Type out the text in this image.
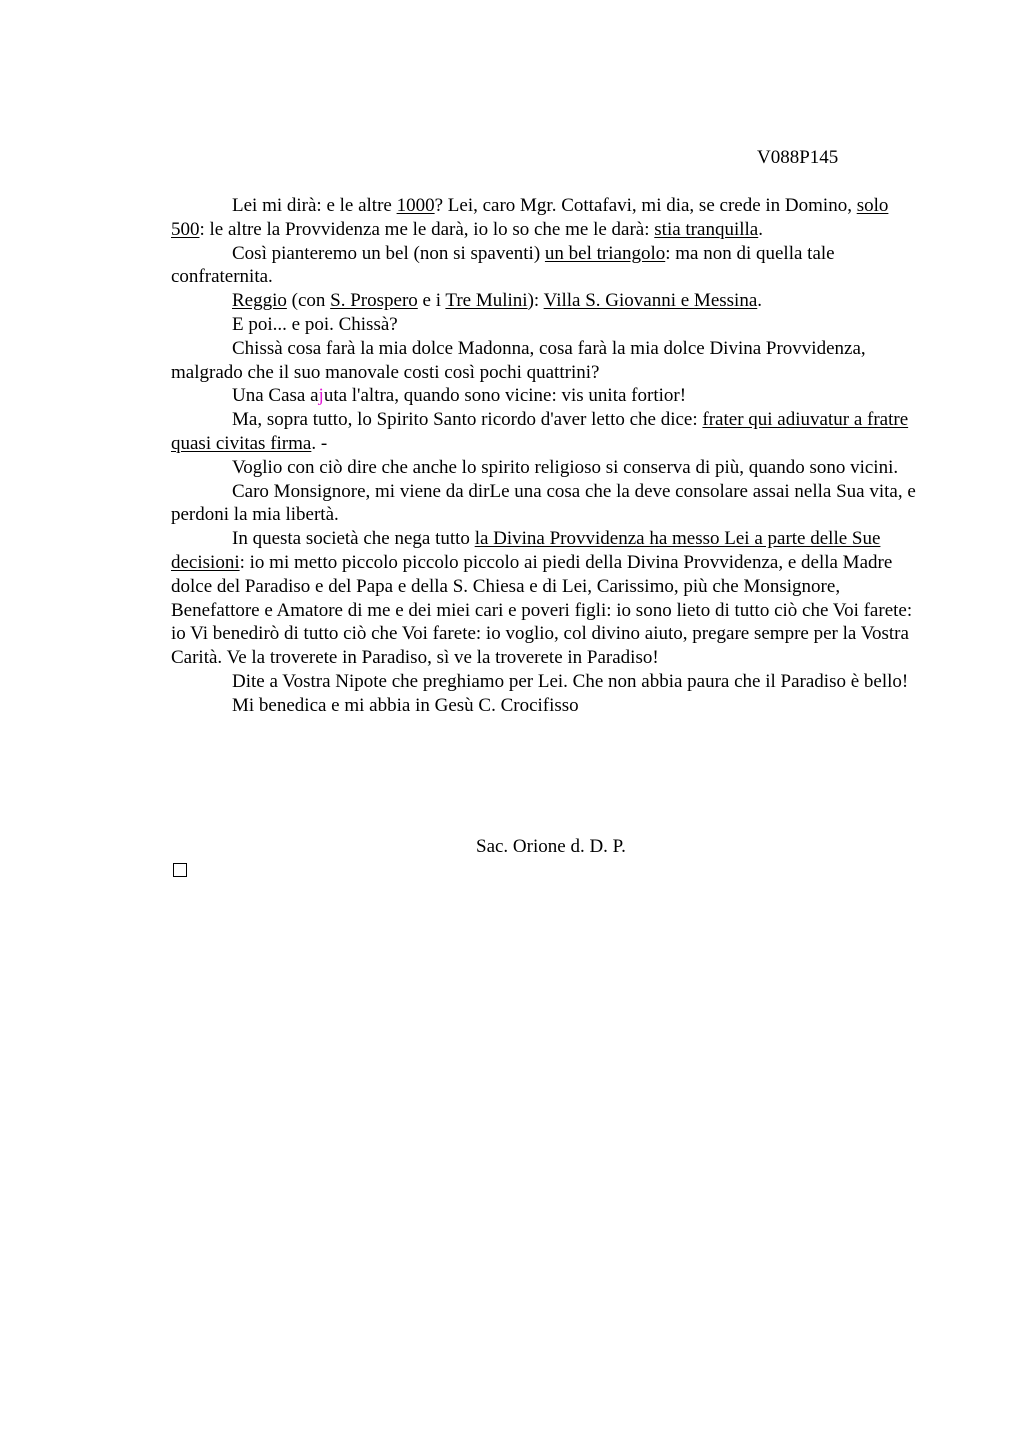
V088P145

Lei mi dirà: e le altre 1000? Lei, caro Mgr. Cottafavi, mi dia, se crede in Domino, solo 500: le altre la Provvidenza me le darà, io lo so che me le darà: stia tranquilla.

Così pianteremo un bel (non si spaventi) un bel triangolo: ma non di quella tale confraternita.

Reggio (con S. Prospero e i Tre Mulini): Villa S. Giovanni e Messina.

E poi... e poi. Chissà?

Chissà cosa farà la mia dolce Madonna, cosa farà la mia dolce Divina Provvidenza, malgrado che il suo manovale costi così pochi quattrini?

Una Casa ajuta l'altra, quando sono vicine: vis unita fortior!

Ma, sopra tutto, lo Spirito Santo ricordo d'aver letto che dice: frater qui adiuvatur a fratre quasi civitas firma. -

Voglio con ciò dire che anche lo spirito religioso si conserva di più, quando sono vicini.

Caro Monsignore, mi viene da dirLe una cosa che la deve consolare assai nella Sua vita, e perdoni la mia libertà.

In questa società che nega tutto la Divina Provvidenza ha messo Lei a parte delle Sue decisioni: io mi metto piccolo piccolo piccolo ai piedi della Divina Provvidenza, e della Madre dolce del Paradiso e del Papa e della S. Chiesa e di Lei, Carissimo, più che Monsignore, Benefattore e Amatore di me e dei miei cari e poveri figli: io sono lieto di tutto ciò che Voi farete: io Vi benedirò di tutto ciò che Voi farete: io voglio, col divino aiuto, pregare sempre per la Vostra Carità. Ve la troverete in Paradiso, sì ve la troverete in Paradiso!

Dite a Vostra Nipote che preghiamo per Lei. Che non abbia paura che il Paradiso è bello!

Mi benedica e mi abbia in Gesù C. Crocifisso

Sac. Orione d. D. P.
